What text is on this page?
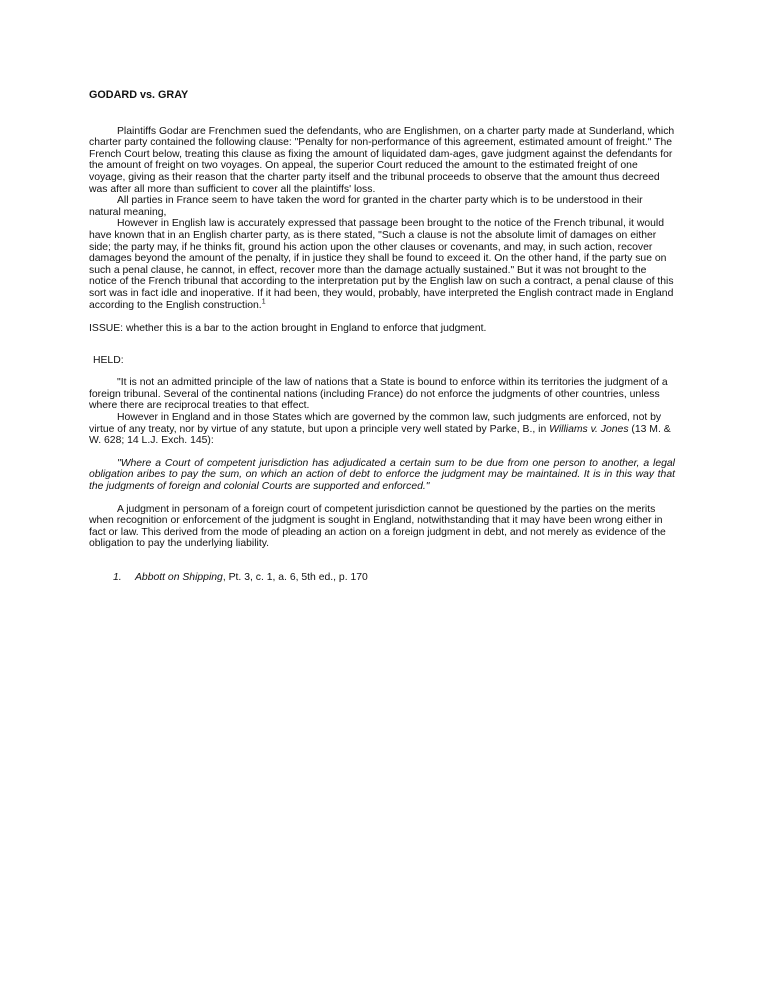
GODARD vs. GRAY

Plaintiffs Godar are Frenchmen sued the defendants, who are Englishmen, on a charter party made at Sunderland, which charter party contained the following clause: "Penalty for non-performance of this agreement, estimated amount of freight." The French Court below, treating this clause as fixing the amount of liquidated dam-ages, gave judgment against the defendants for the amount of freight on two voyages. On appeal, the superior Court reduced the amount to the estimated freight of one voyage, giving as their reason that the charter party itself and the tribunal proceeds to observe that the amount thus decreed was after all more than sufficient to cover all the plaintiffs' loss.

All parties in France seem to have taken the word for granted in the charter party which is to be understood in their natural meaning,

However in English law is accurately expressed that passage been brought to the notice of the French tribunal, it would have known that in an English charter party, as is there stated, "Such a clause is not the absolute limit of damages on either side; the party may, if he thinks fit, ground his action upon the other clauses or covenants, and may, in such action, recover damages beyond the amount of the penalty, if in justice they shall be found to exceed it. On the other hand, if the party sue on such a penal clause, he cannot, in effect, recover more than the damage actually sustained." But it was not brought to the notice of the French tribunal that according to the interpretation put by the English law on such a contract, a penal clause of this sort was in fact idle and inoperative. If it had been, they would, probably, have interpreted the English contract made in England according to the English construction.$^1$

ISSUE: whether this is a bar to the action brought in England to enforce that judgment.

HELD:

"It is not an admitted principle of the law of nations that a State is bound to enforce within its territories the judgment of a foreign tribunal. Several of the continental nations (including France) do not enforce the judgments of other countries, unless where there are reciprocal treaties to that effect.

However in England and in those States which are governed by the common law, such judgments are enforced, not by virtue of any treaty, nor by virtue of any statute, but upon a principle very well stated by Parke, B., in Williams v. Jones (13 M. & W. 628; 14 L.J. Exch. 145):

"Where a Court of competent jurisdiction has adjudicated a certain sum to be due from one person to another, a legal obligation aribes to pay the sum, on which an action of debt to enforce the judgment may be maintained. It is in this way that the judgments of foreign and colonial Courts are supported and enforced."

A judgment in personam of a foreign court of competent jurisdiction cannot be questioned by the parties on the merits when recognition or enforcement of the judgment is sought in England, notwithstanding that it may have been wrong either in fact or law. This derived from the mode of pleading an action on a foreign judgment in debt, and not merely as evidence of the obligation to pay the underlying liability.

1.	Abbott on Shipping, Pt. 3, c. 1, a. 6, 5th ed., p. 170
